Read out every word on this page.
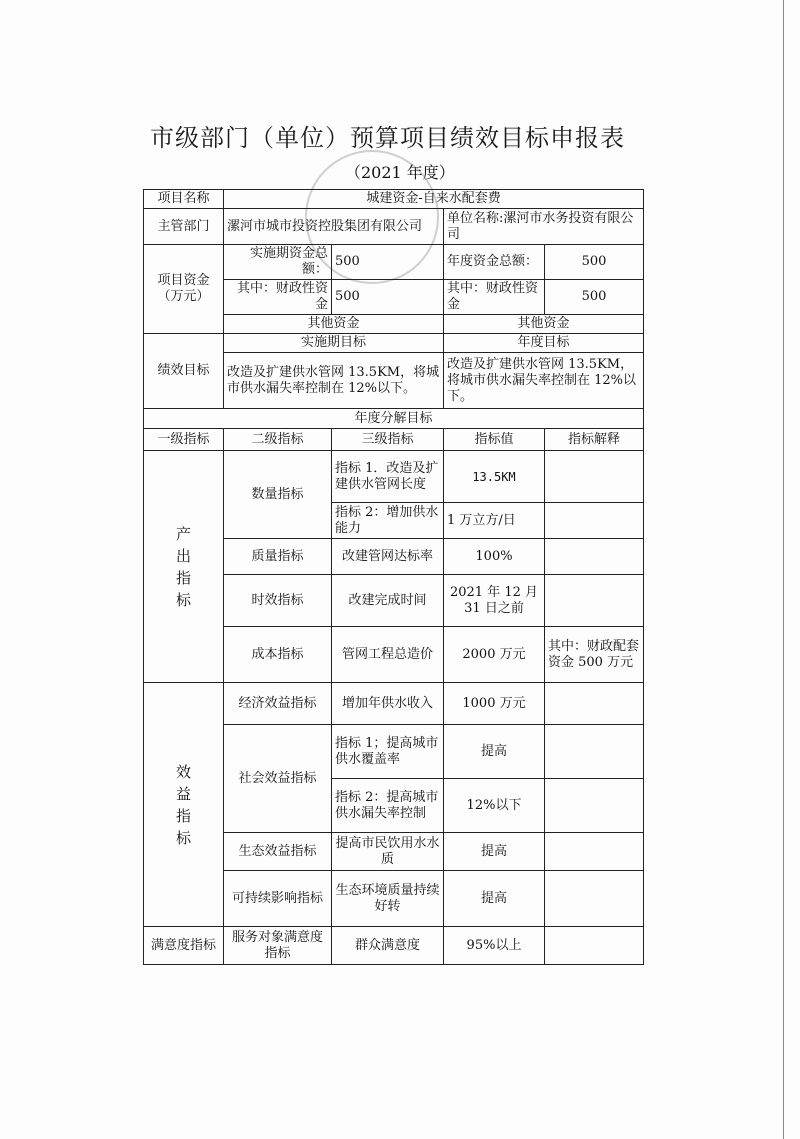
市级部门（单位）预算项目绩效目标申报表
（2021 年度）
项目名称	城建资金-自来水配套费			
主管部门	漯河市城市投资控股集团有限公司		单位名称:漯河市水务投资有限公司	
项目资金（万元）	实施期资金总额：	500	年度资金总额：	500
	其中：财政性资金	500	其中：财政性资金	500
	其他资金		其他资金	
绩效目标	实施期目标		年度目标	
	改造及扩建供水管网 13.5KM，将城市供水漏失率控制在 12%以下。		改造及扩建供水管网 13.5KM，将城市供水漏失率控制在 12%以下。	
年度分解目标				
一级指标	二级指标	三级指标	指标值	指标解释
产出指标	数量指标	指标 1．改造及扩建供水管网长度	13.5KM	
		指标 2：增加供水能力	1 万立方/日	
	质量指标	改建管网达标率	100%	
	时效指标	改建完成时间	2021 年 12 月 31 日之前	
	成本指标	管网工程总造价	2000 万元	其中：财政配套资金 500 万元
效益指标	经济效益指标	增加年供水收入	1000 万元	
	社会效益指标	指标 1；提高城市供水覆盖率	提高	
		指标 2：提高城市供水漏失率控制	12%以下	
	生态效益指标	提高市民饮用水水质	提高	
	可持续影响指标	生态环境质量持续好转	提高	
满意度指标	服务对象满意度指标	群众满意度	95%以上	
